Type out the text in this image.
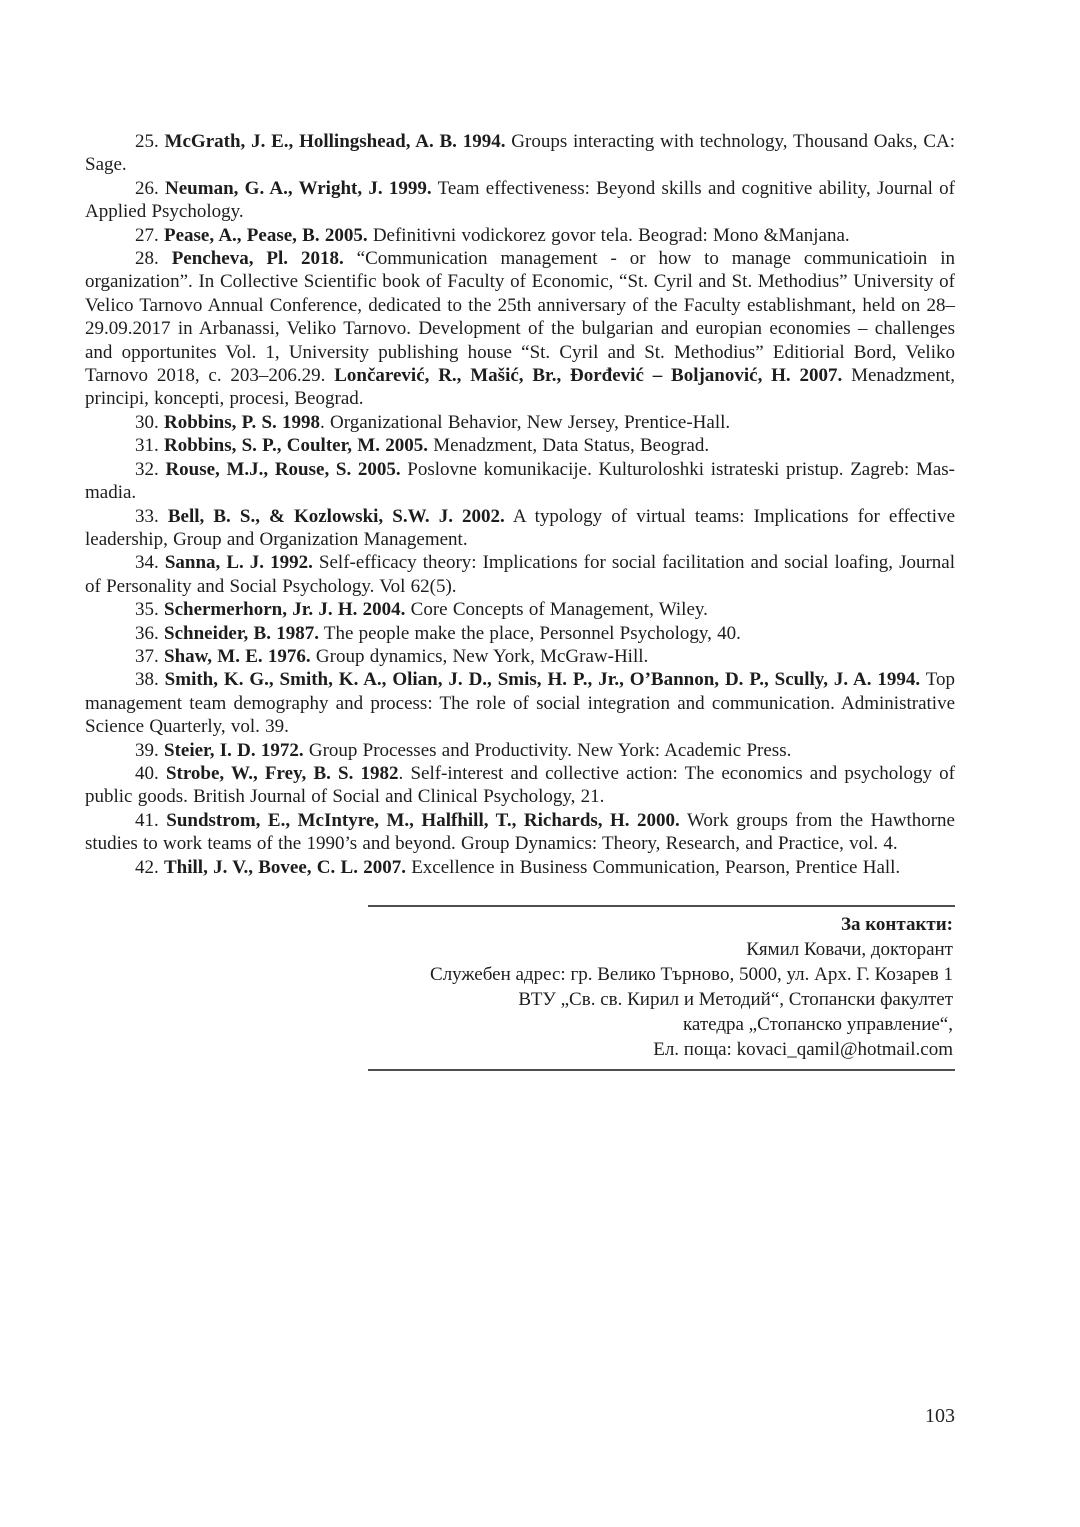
25. McGrath, J. E., Hollingshead, A. B. 1994. Groups interacting with technology, Thousand Oaks, CA: Sage.

26. Neuman, G. A., Wright, J. 1999. Team effectiveness: Beyond skills and cognitive ability, Journal of Applied Psychology.

27. Pease, A., Pease, B. 2005. Definitivni vodickorez govor tela. Beograd: Mono &Manjana.

28. Pencheva, Pl. 2018. “Communication management - or how to manage communicatioin in organization”. In Collective Scientific book of Faculty of Economic, “St. Cyril and St. Methodius” University of Velico Tarnovo Annual Conference, dedicated to the 25th anniversary of the Faculty establishmant, held on 28–29.09.2017 in Arbanassi, Veliko Tarnovo. Development of the bulgarian and europian economies – challenges and opportunites Vol. 1, University publishing house “St. Cyril and St. Methodius” Editiorial Bord, Veliko Tarnovo 2018, c. 203–206.29. Lončarević, R., Mašić, Br., Đorđević – Boljanović, H. 2007. Menadzment, principi, koncepti, procesi, Beograd.

30. Robbins, P. S. 1998. Organizational Behavior, New Jersey, Prentice-Hall.

31. Robbins, S. P., Coulter, M. 2005. Menadzment, Data Status, Beograd.

32. Rouse, M.J., Rouse, S. 2005. Poslovne komunikacije. Kulturoloshki istrateski pristup. Zagreb: Mas-madia.

33. Bell, B. S., & Kozlowski, S.W. J. 2002. A typology of virtual teams: Implications for effective leadership, Group and Organization Management.

34. Sanna, L. J. 1992. Self-efficacy theory: Implications for social facilitation and social loafing, Journal of Personality and Social Psychology. Vol 62(5).

35. Schermerhorn, Jr. J. H. 2004. Core Concepts of Management, Wiley.

36. Schneider, B. 1987. The people make the place, Personnel Psychology, 40.

37. Shaw, M. E. 1976. Group dynamics, New York, McGraw-Hill.

38. Smith, K. G., Smith, K. A., Olian, J. D., Smis, H. P., Jr., O’Bannon, D. P., Scully, J. A. 1994. Top management team demography and process: The role of social integration and communication. Administrative Science Quarterly, vol. 39.

39. Steier, I. D. 1972. Group Processes and Productivity. New York: Academic Press.

40. Strobe, W., Frey, B. S. 1982. Self-interest and collective action: The economics and psychology of public goods. British Journal of Social and Clinical Psychology, 21.

41. Sundstrom, E., McIntyre, M., Halfhill, T., Richards, H. 2000. Work groups from the Hawthorne studies to work teams of the 1990’s and beyond. Group Dynamics: Theory, Research, and Practice, vol. 4.

42. Thill, J. V., Bovee, C. L. 2007. Excellence in Business Communication, Pearson, Prentice Hall.

За контакти:
Кямил Ковачи, докторант
Служебен адрес: гр. Велико Търново, 5000, ул. Арх. Г. Козарев 1
ВТУ „Св. св. Кирил и Методий“, Стопански факултет
катедра „Стопанско управление“,
Ел. поща: kovaci_qamil@hotmail.com
103
